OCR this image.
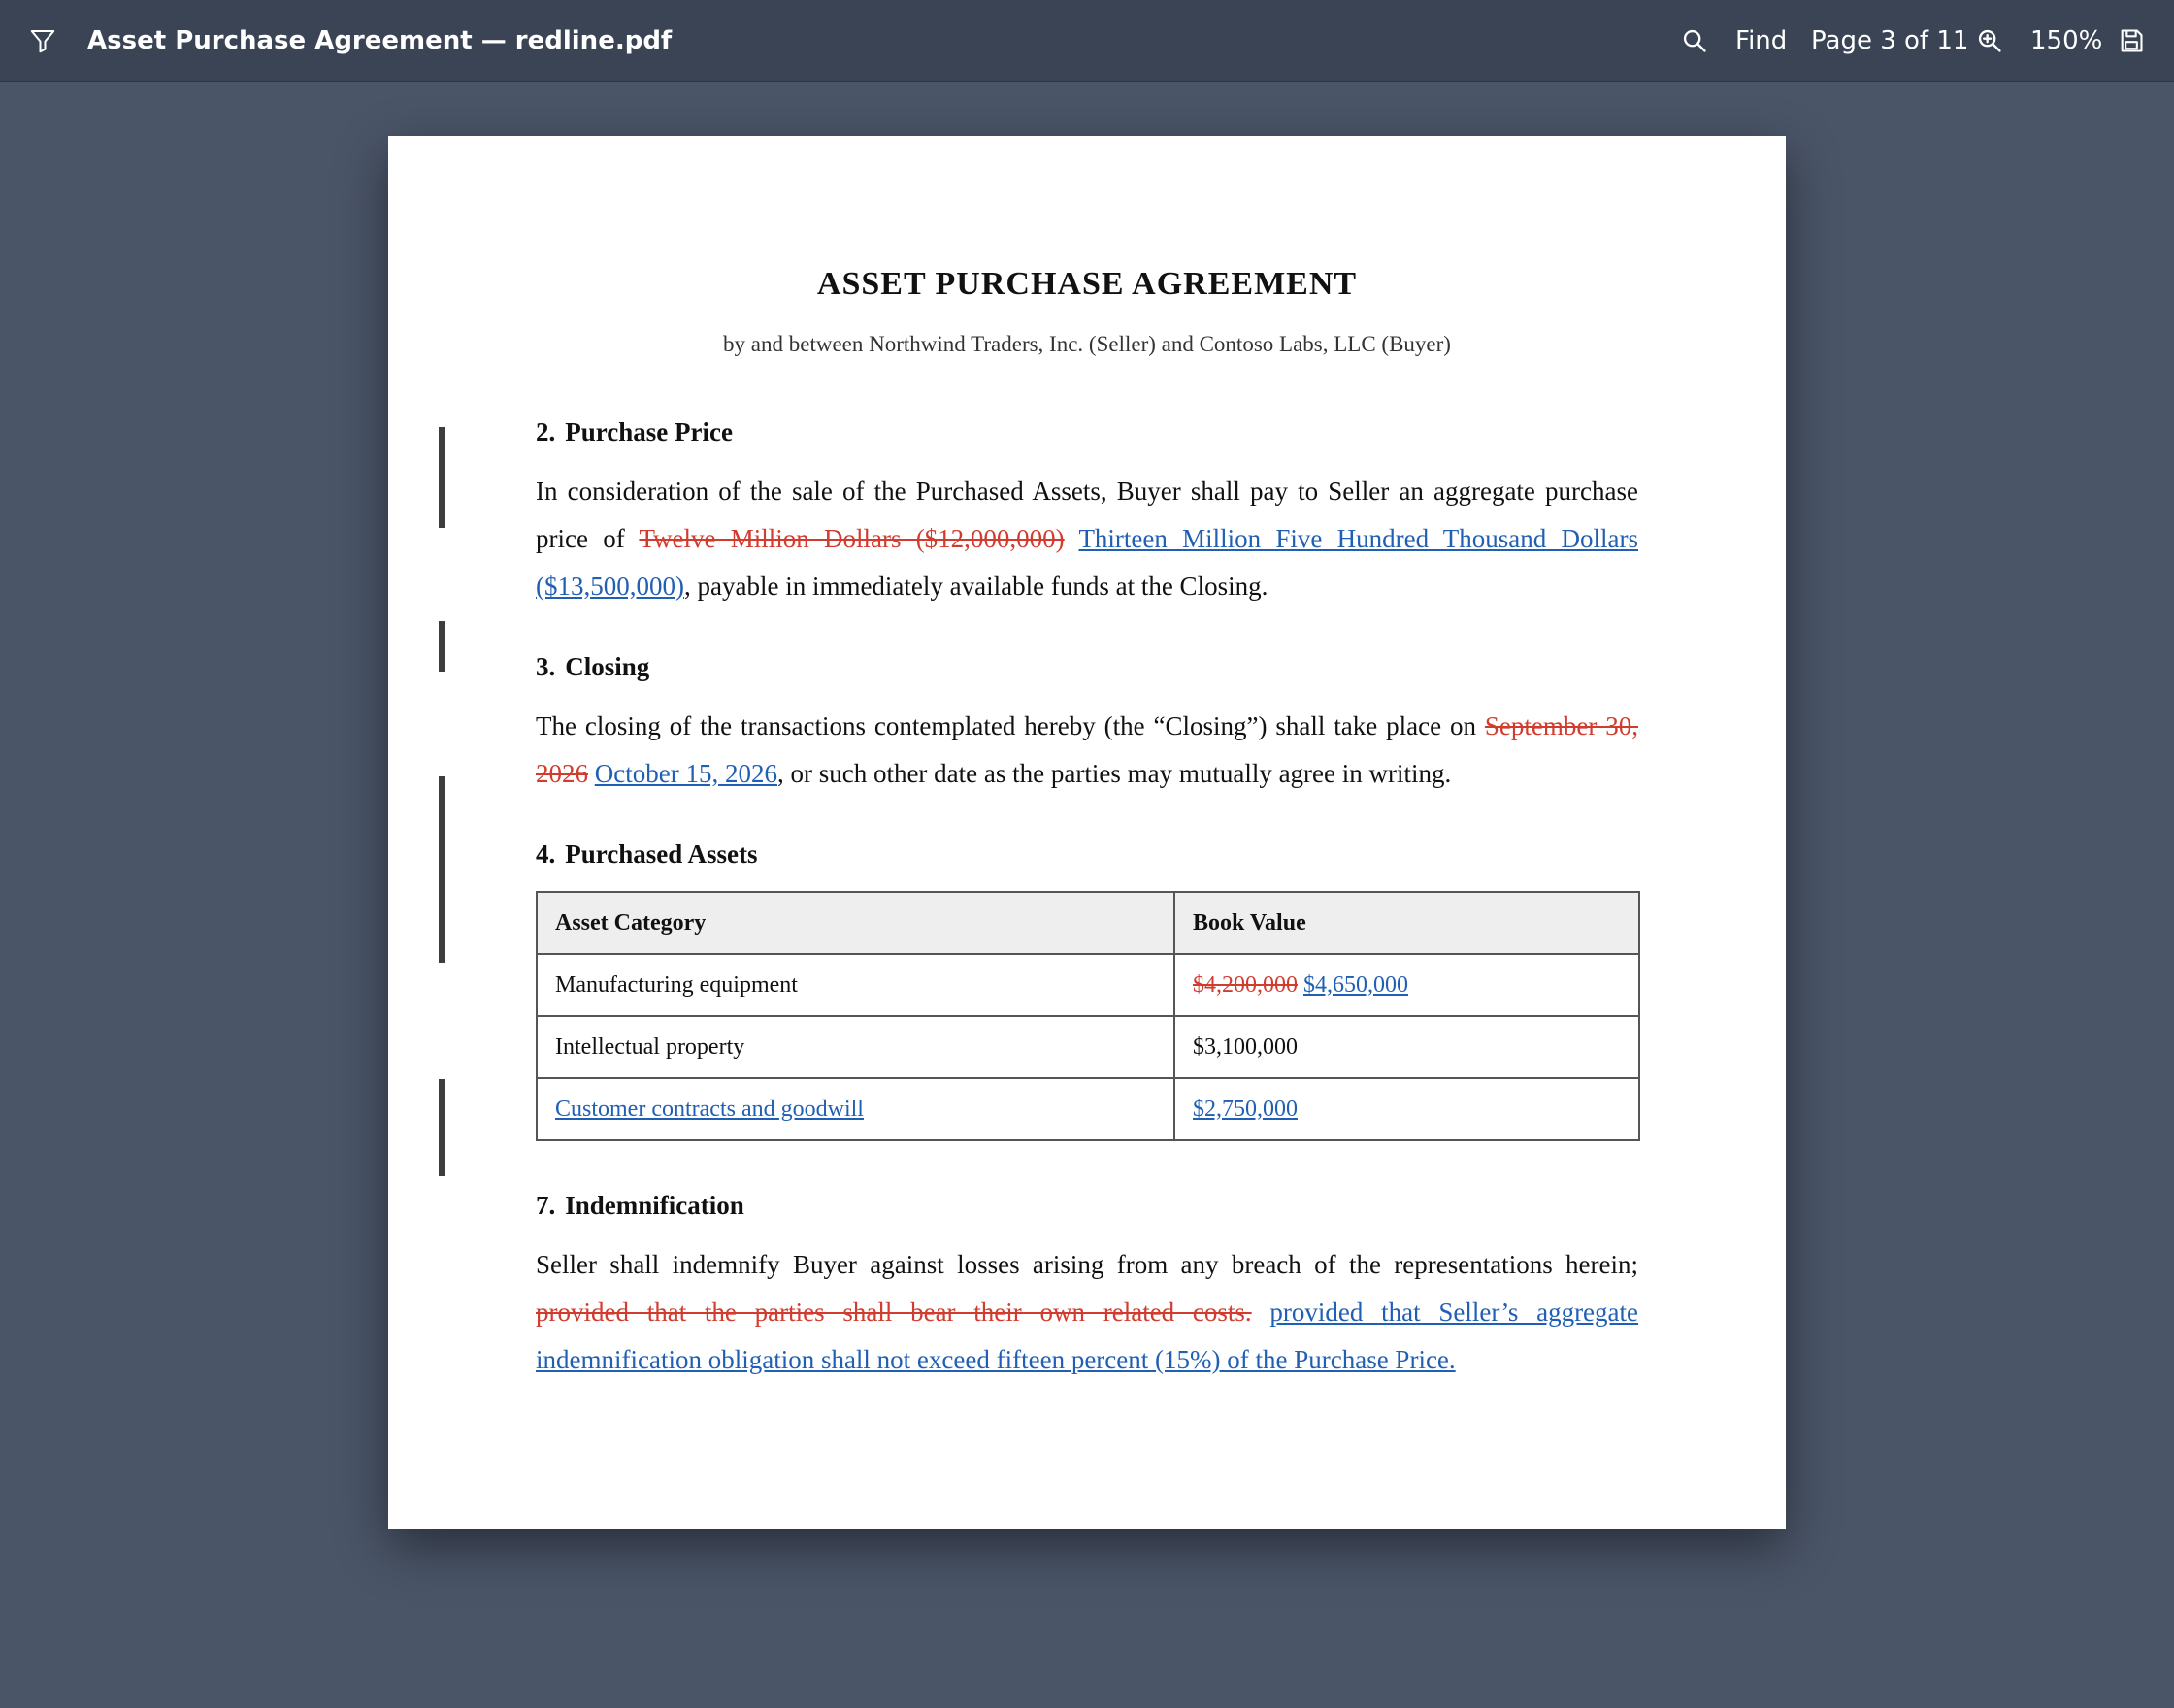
Asset Purchase Agreement — redline.pdf	Find Page 3 of 11 150%
ASSET PURCHASE AGREEMENT
by and between Northwind Traders, Inc. (Seller) and Contoso Labs, LLC (Buyer)
2. Purchase Price
In consideration of the sale of the Purchased Assets, Buyer shall pay to Seller an aggregate purchase price of Twelve Million Dollars ($12,000,000) Thirteen Million Five Hundred Thousand Dollars ($13,500,000), payable in immediately available funds at the Closing.
3. Closing
The closing of the transactions contemplated hereby (the “Closing”) shall take place on September 30, 2026 October 15, 2026, or such other date as the parties may mutually agree in writing.
4. Purchased Assets
Asset Category	Book Value
Manufacturing equipment	$4,200,000 $4,650,000
Intellectual property	$3,100,000
Customer contracts and goodwill	$2,750,000
7. Indemnification
Seller shall indemnify Buyer against losses arising from any breach of the representations herein; provided that the parties shall bear their own related costs. provided that Seller’s aggregate indemnification obligation shall not exceed fifteen percent (15%) of the Purchase Price.
